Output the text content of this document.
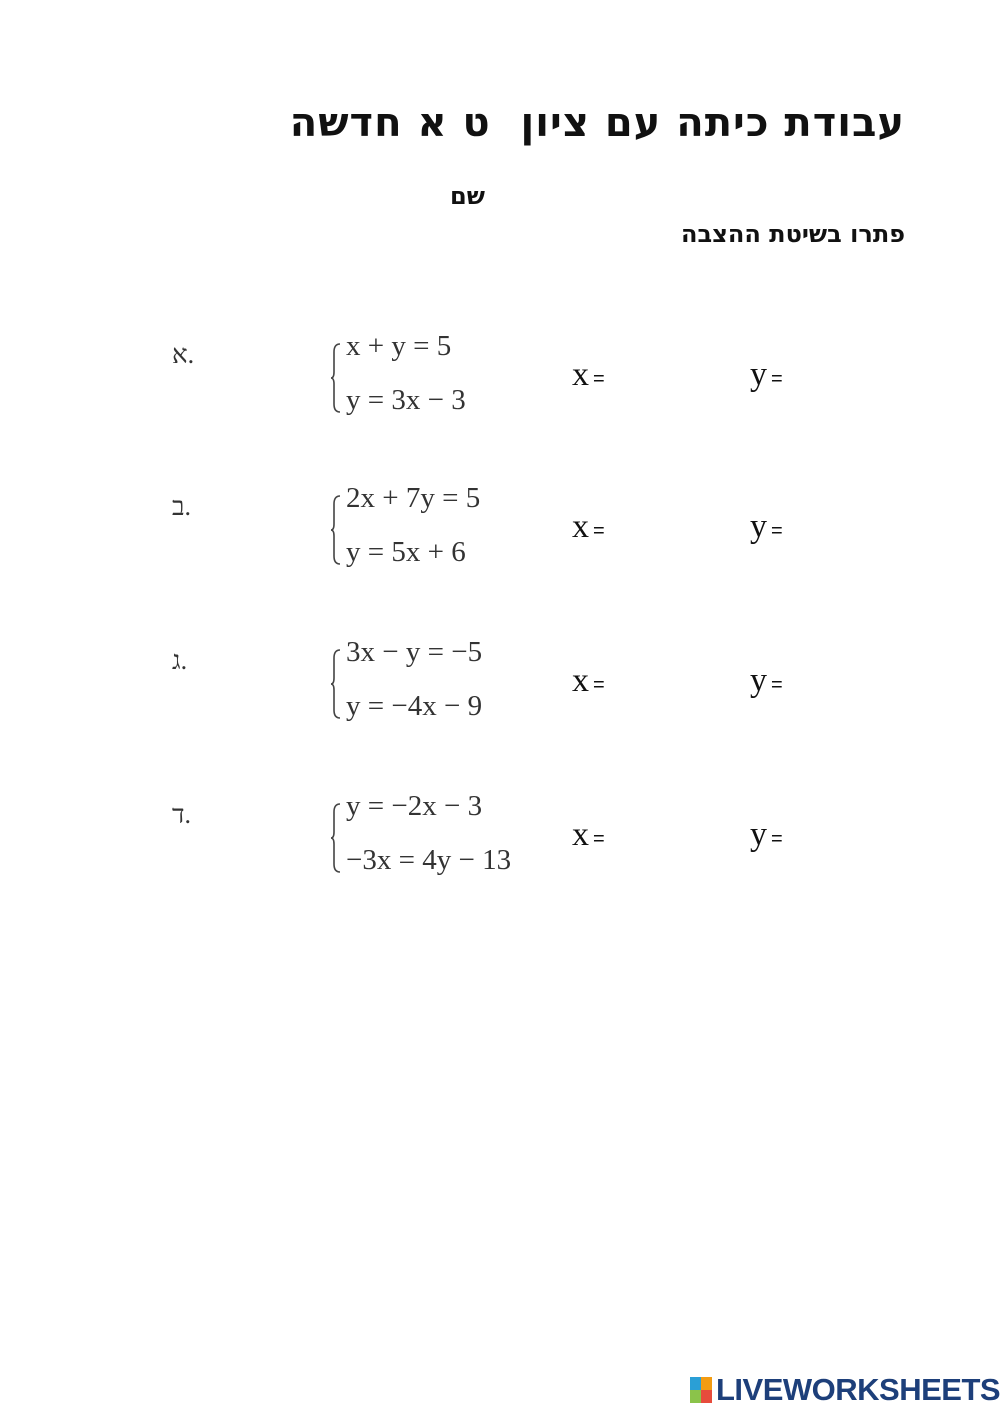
עבודת כיתה עם ציון  ט א חדשה
שם
פתרו בשיטת ההצבה
א.	x + y = 5
y = 3x − 3
x =	y =
ב.	2x + 7y = 5
y = 5x + 6
x =	y =
ג.	3x − y = −5
y = −4x − 9
x =	y =
ד.	y = −2x − 3
−3x = 4y − 13
x =	y =
LIVEWORKSHEETS
